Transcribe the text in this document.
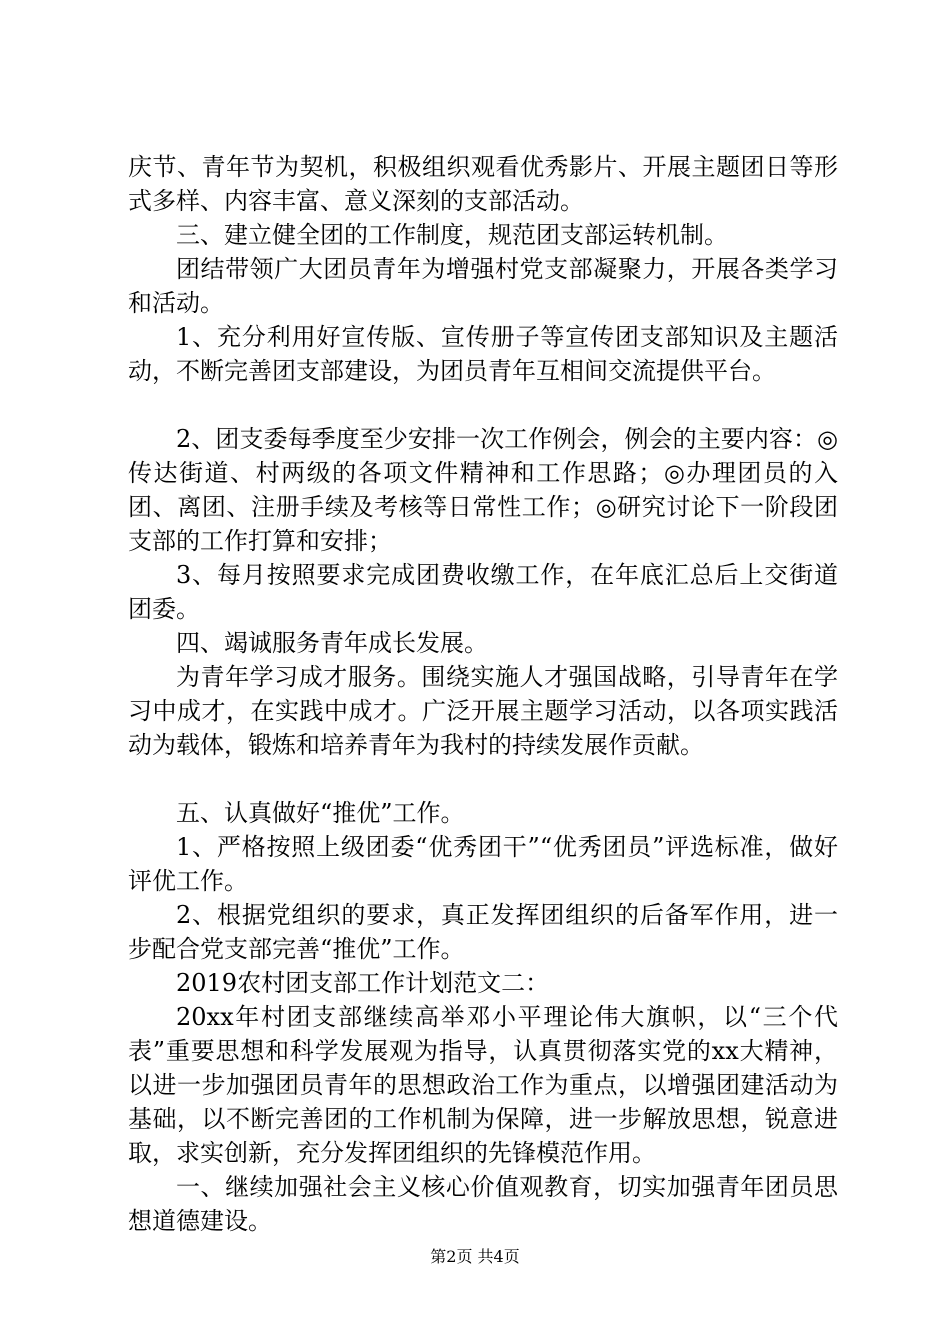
庆节、青年节为契机，积极组织观看优秀影片、开展主题团日等形式多样、内容丰富、意义深刻的支部活动。

三、建立健全团的工作制度，规范团支部运转机制。

团结带领广大团员青年为增强村党支部凝聚力，开展各类学习和活动。

1、充分利用好宣传版、宣传册子等宣传团支部知识及主题活动，不断完善团支部建设，为团员青年互相间交流提供平台。

2、团支委每季度至少安排一次工作例会，例会的主要内容：◎传达街道、村两级的各项文件精神和工作思路；◎办理团员的入团、离团、注册手续及考核等日常性工作；◎研究讨论下一阶段团支部的工作打算和安排；

3、每月按照要求完成团费收缴工作，在年底汇总后上交街道团委。

四、竭诚服务青年成长发展。

为青年学习成才服务。围绕实施人才强国战略，引导青年在学习中成才，在实践中成才。广泛开展主题学习活动，以各项实践活动为载体，锻炼和培养青年为我村的持续发展作贡献。

五、认真做好“推优”工作。

1、严格按照上级团委“优秀团干”“优秀团员”评选标准，做好评优工作。

2、根据党组织的要求，真正发挥团组织的后备军作用，进一步配合党支部完善“推优”工作。

2019农村团支部工作计划范文二：

20xx年村团支部继续高举邓小平理论伟大旗帜，以“三个代表”重要思想和科学发展观为指导，认真贯彻落实党的xx大精神，以进一步加强团员青年的思想政治工作为重点，以增强团建活动为基础，以不断完善团的工作机制为保障，进一步解放思想，锐意进取，求实创新，充分发挥团组织的先锋模范作用。

一、继续加强社会主义核心价值观教育，切实加强青年团员思想道德建设。

第2页 共4页
